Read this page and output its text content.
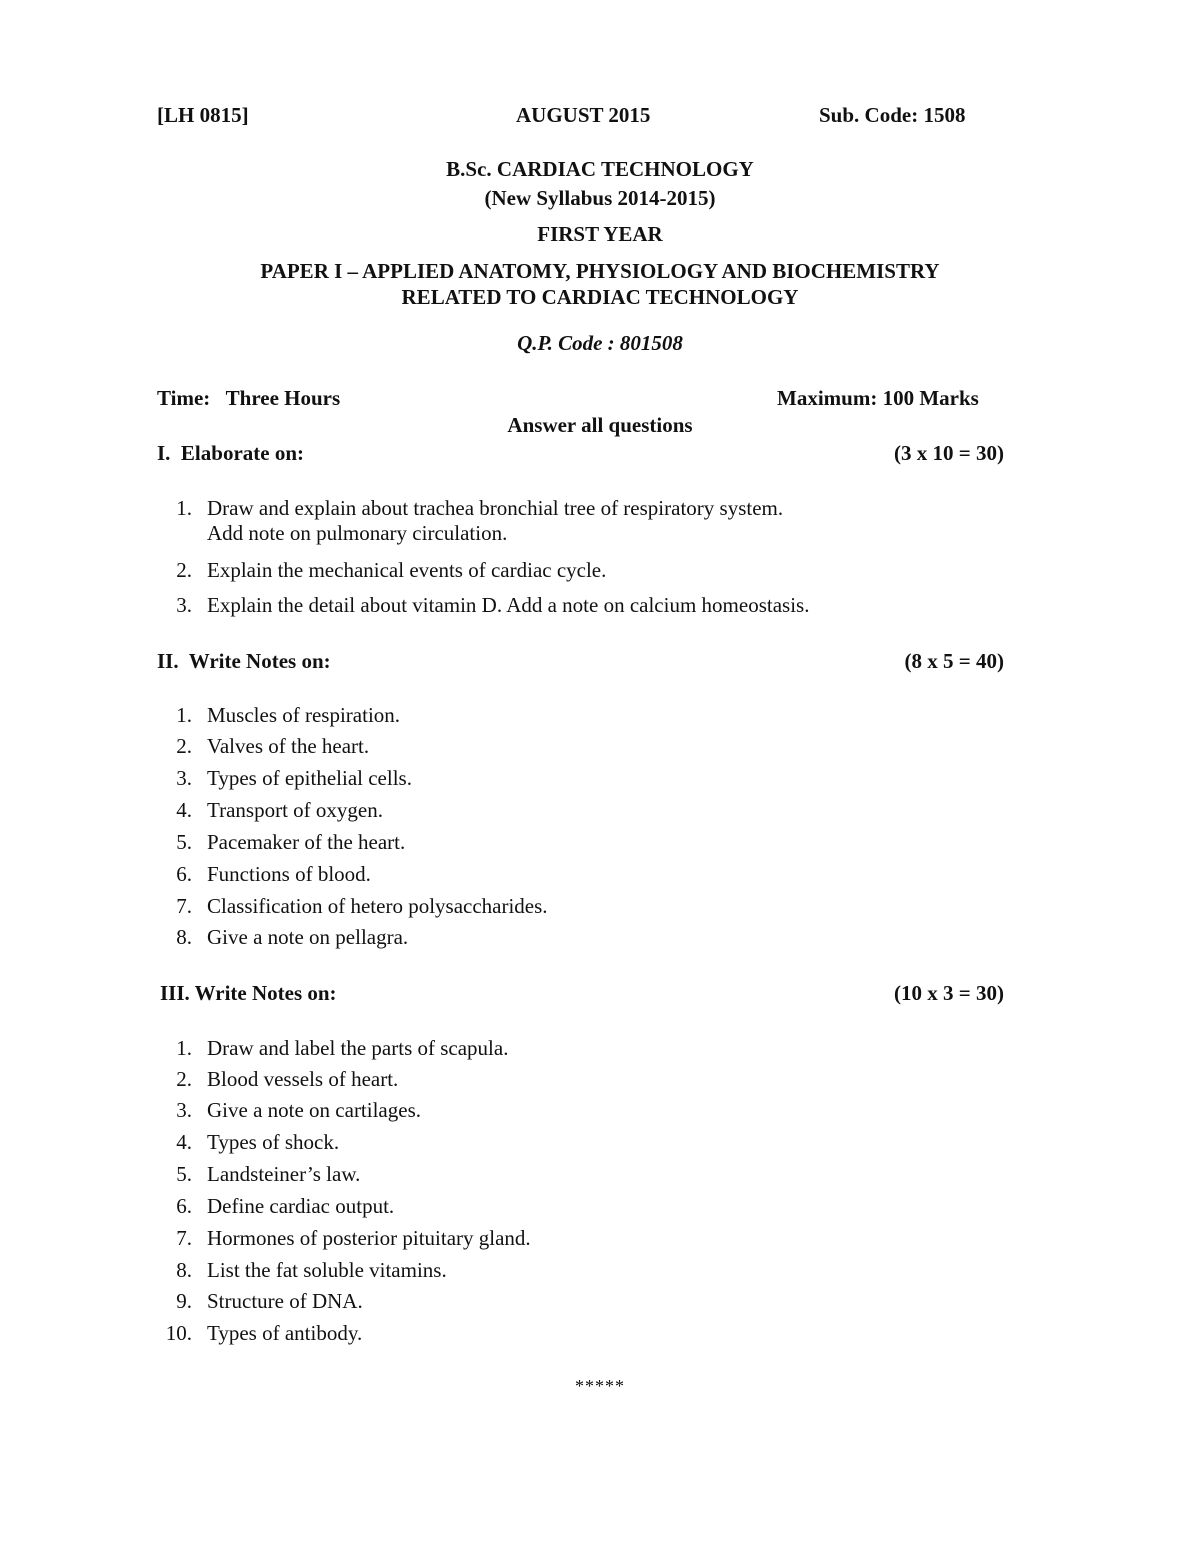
[LH 0815]	AUGUST 2015	Sub. Code: 1508
B.Sc. CARDIAC TECHNOLOGY
(New Syllabus 2014-2015)
FIRST YEAR
PAPER I – APPLIED ANATOMY, PHYSIOLOGY AND BIOCHEMISTRY
RELATED TO CARDIAC TECHNOLOGY
Q.P. Code : 801508
Time:   Three Hours	Maximum: 100 Marks
Answer all questions
I.  Elaborate on:	(3 x 10 = 30)
1. Draw and explain about trachea bronchial tree of respiratory system.
Add note on pulmonary circulation.
2. Explain the mechanical events of cardiac cycle.
3. Explain the detail about vitamin D. Add a note on calcium homeostasis.
II.  Write Notes on:	(8 x 5 = 40)
1. Muscles of respiration.
2. Valves of the heart.
3. Types of epithelial cells.
4. Transport of oxygen.
5. Pacemaker of the heart.
6. Functions of blood.
7. Classification of hetero polysaccharides.
8. Give a note on pellagra.
III. Write Notes on:	(10 x 3 = 30)
1. Draw and label the parts of scapula.
2. Blood vessels of heart.
3. Give a note on cartilages.
4. Types of shock.
5. Landsteiner’s law.
6. Define cardiac output.
7. Hormones of posterior pituitary gland.
8. List the fat soluble vitamins.
9. Structure of DNA.
10. Types of antibody.
*****
